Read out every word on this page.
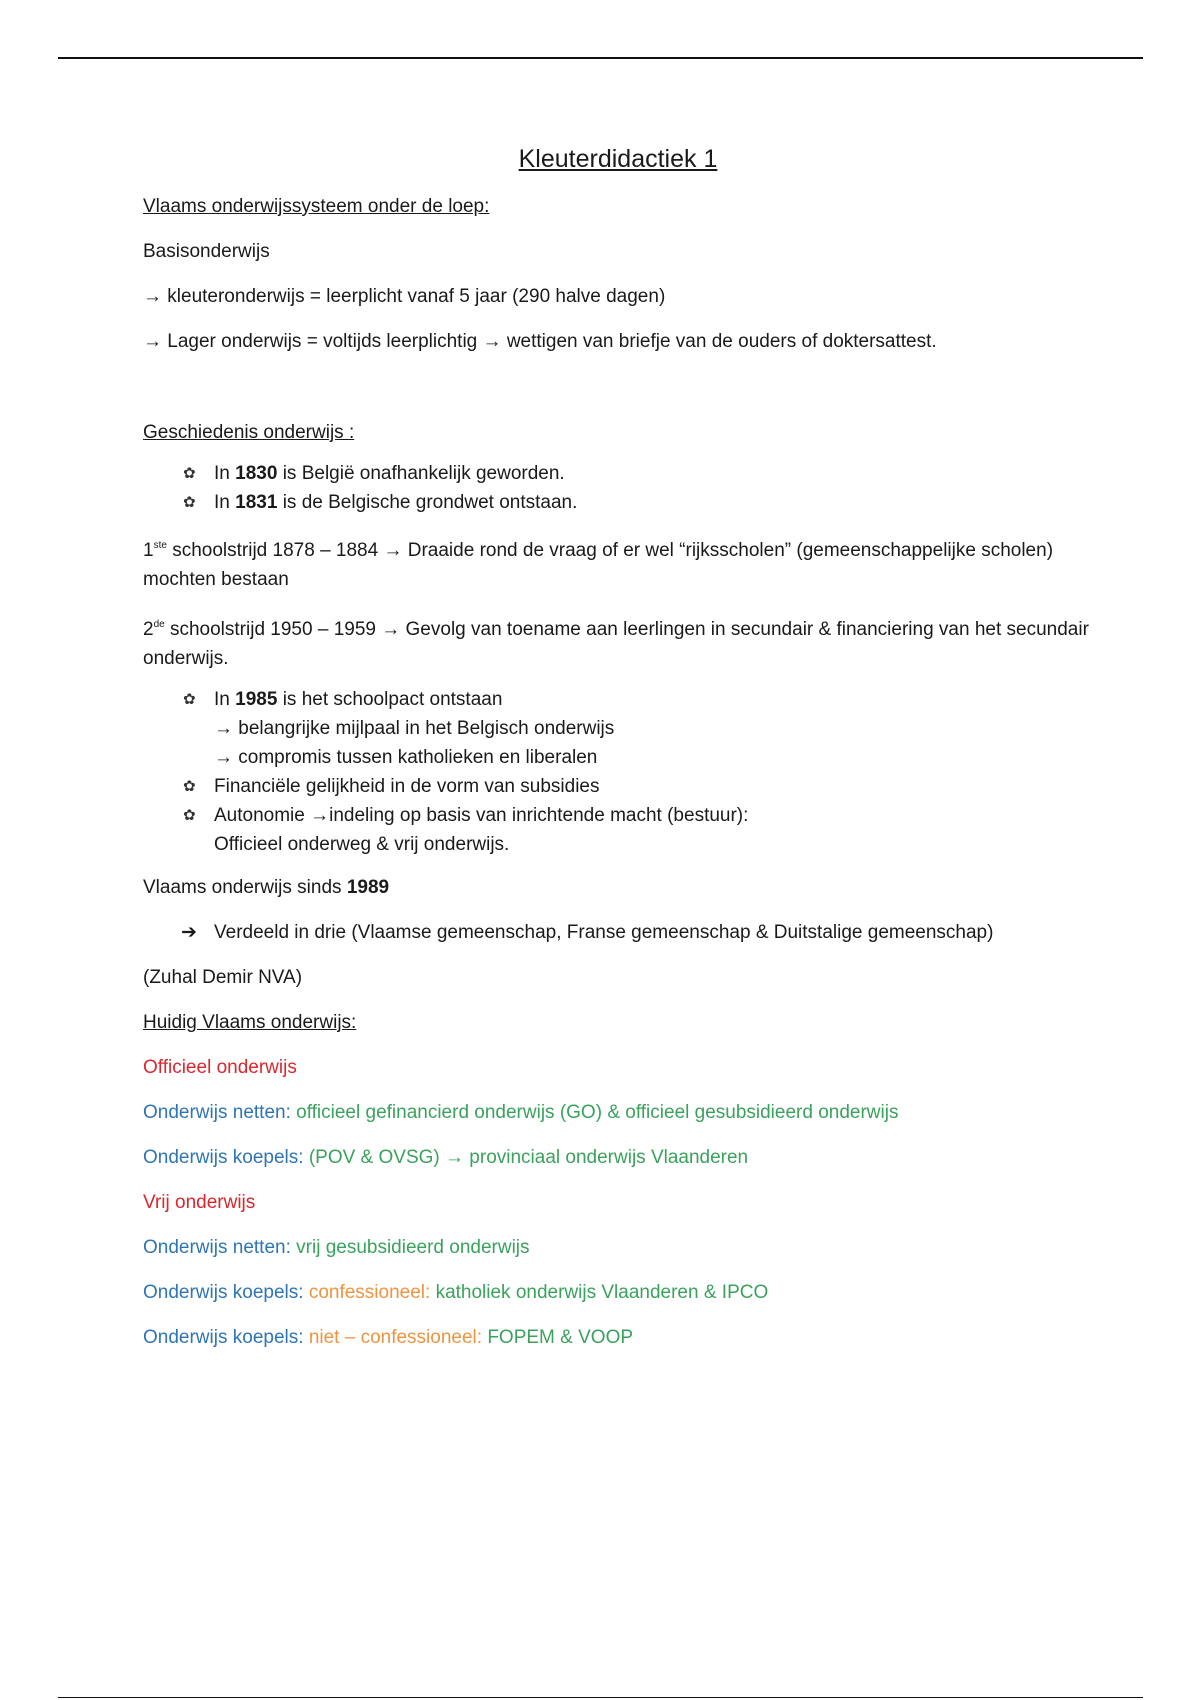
Kleuterdidactiek 1
Vlaams onderwijssysteem onder de loep:
Basisonderwijs
→ kleuteronderwijs = leerplicht vanaf 5 jaar (290 halve dagen)
→ Lager onderwijs = voltijds leerplichtig → wettigen van briefje van de ouders of doktersattest.
Geschiedenis onderwijs :
✿ In 1830 is België onafhankelijk geworden.
✿ In 1831 is de Belgische grondwet ontstaan.
1ste schoolstrijd 1878 – 1884 → Draaide rond de vraag of er wel “rijksscholen” (gemeenschappelijke scholen) mochten bestaan
2de schoolstrijd 1950 – 1959 → Gevolg van toename aan leerlingen in secundair & financiering van het secundair onderwijs.
✿ In 1985 is het schoolpact ontstaan
→ belangrijke mijlpaal in het Belgisch onderwijs
→ compromis tussen katholieken en liberalen
✿ Financiële gelijkheid in de vorm van subsidies
✿ Autonomie →indeling op basis van inrichtende macht (bestuur):
Officieel onderweg & vrij onderwijs.
Vlaams onderwijs sinds 1989
➔ Verdeeld in drie (Vlaamse gemeenschap, Franse gemeenschap & Duitstalige gemeenschap)
(Zuhal Demir NVA)
Huidig Vlaams onderwijs:
Officieel onderwijs
Onderwijs netten: officieel gefinancierd onderwijs (GO) & officieel gesubsidieerd onderwijs
Onderwijs koepels: (POV & OVSG) → provinciaal onderwijs Vlaanderen
Vrij onderwijs
Onderwijs netten: vrij gesubsidieerd onderwijs
Onderwijs koepels: confessioneel: katholiek onderwijs Vlaanderen & IPCO
Onderwijs koepels: niet – confessioneel: FOPEM & VOOP
